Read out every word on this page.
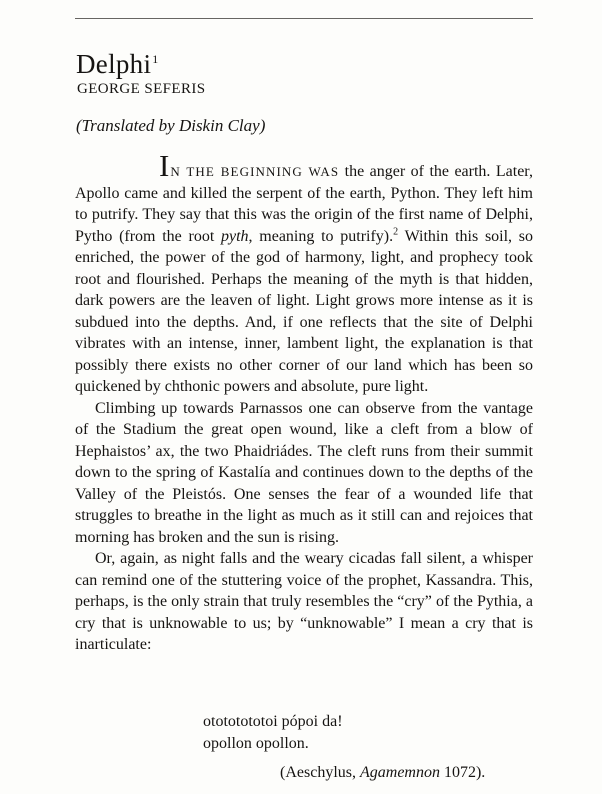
Delphi$^1$
GEORGE SEFERIS
(Translated by Diskin Clay)

IN THE BEGINNING WAS the anger of the earth. Later, Apollo came and killed the serpent of the earth, Python. They left him to putrify. They say that this was the origin of the first name of Delphi, Pytho (from the root pyth, meaning to putrify).$^2$ Within this soil, so enriched, the power of the god of harmony, light, and prophecy took root and flourished. Perhaps the meaning of the myth is that hidden, dark powers are the leaven of light. Light grows more intense as it is subdued into the depths. And, if one reflects that the site of Delphi vibrates with an intense, inner, lambent light, the explanation is that possibly there exists no other corner of our land which has been so quickened by chthonic powers and absolute, pure light.

Climbing up towards Parnassos one can observe from the vantage of the Stadium the great open wound, like a cleft from a blow of Hephaistos’ ax, the two Phaidriádes. The cleft runs from their summit down to the spring of Kastalía and continues down to the depths of the Valley of the Pleistós. One senses the fear of a wounded life that struggles to breathe in the light as much as it still can and rejoices that morning has broken and the sun is rising.

Or, again, as night falls and the weary cicadas fall silent, a whisper can remind one of the stuttering voice of the prophet, Kassandra. This, perhaps, is the only strain that truly resembles the “cry” of the Pythia, a cry that is unknowable to us; by “unknowable” I mean a cry that is inarticulate:

otototototoi pópoi da!
opollon opollon.
(Aeschylus, Agamemnon 1072).
